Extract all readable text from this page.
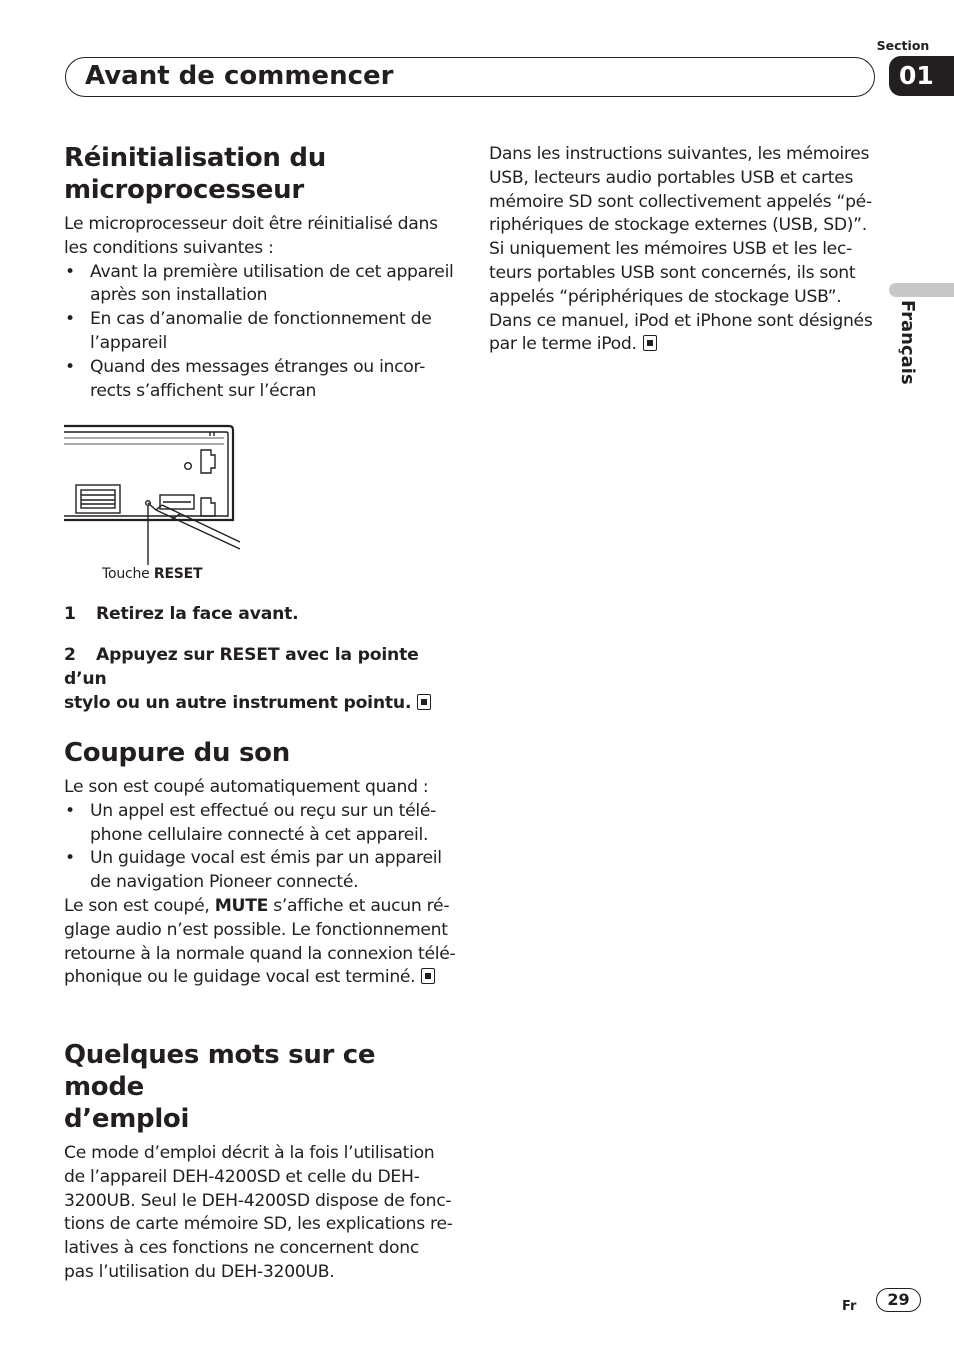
Section
01
Avant de commencer
Français
Réinitialisation du
microprocesseur
Le microprocesseur doit être réinitialisé dans
les conditions suivantes :
• Avant la première utilisation de cet appareil
après son installation
• En cas d’anomalie de fonctionnement de
l’appareil
• Quand des messages étranges ou incor-
rects s’affichent sur l’écran
Touche RESET
1 Retirez la face avant.
2 Appuyez sur RESET avec la pointe d’un
stylo ou un autre instrument pointu.
Coupure du son
Le son est coupé automatiquement quand :
• Un appel est effectué ou reçu sur un télé-
phone cellulaire connecté à cet appareil.
• Un guidage vocal est émis par un appareil
de navigation Pioneer connecté.
Le son est coupé, MUTE s’affiche et aucun ré-
glage audio n’est possible. Le fonctionnement
retourne à la normale quand la connexion télé-
phonique ou le guidage vocal est terminé.
Quelques mots sur ce mode
d’emploi
Ce mode d’emploi décrit à la fois l’utilisation
de l’appareil DEH-4200SD et celle du DEH-
3200UB. Seul le DEH-4200SD dispose de fonc-
tions de carte mémoire SD, les explications re-
latives à ces fonctions ne concernent donc
pas l’utilisation du DEH-3200UB.
Dans les instructions suivantes, les mémoires
USB, lecteurs audio portables USB et cartes
mémoire SD sont collectivement appelés “pé-
riphériques de stockage externes (USB, SD)”.
Si uniquement les mémoires USB et les lec-
teurs portables USB sont concernés, ils sont
appelés “périphériques de stockage USB”.
Dans ce manuel, iPod et iPhone sont désignés
par le terme iPod.
Fr	29
